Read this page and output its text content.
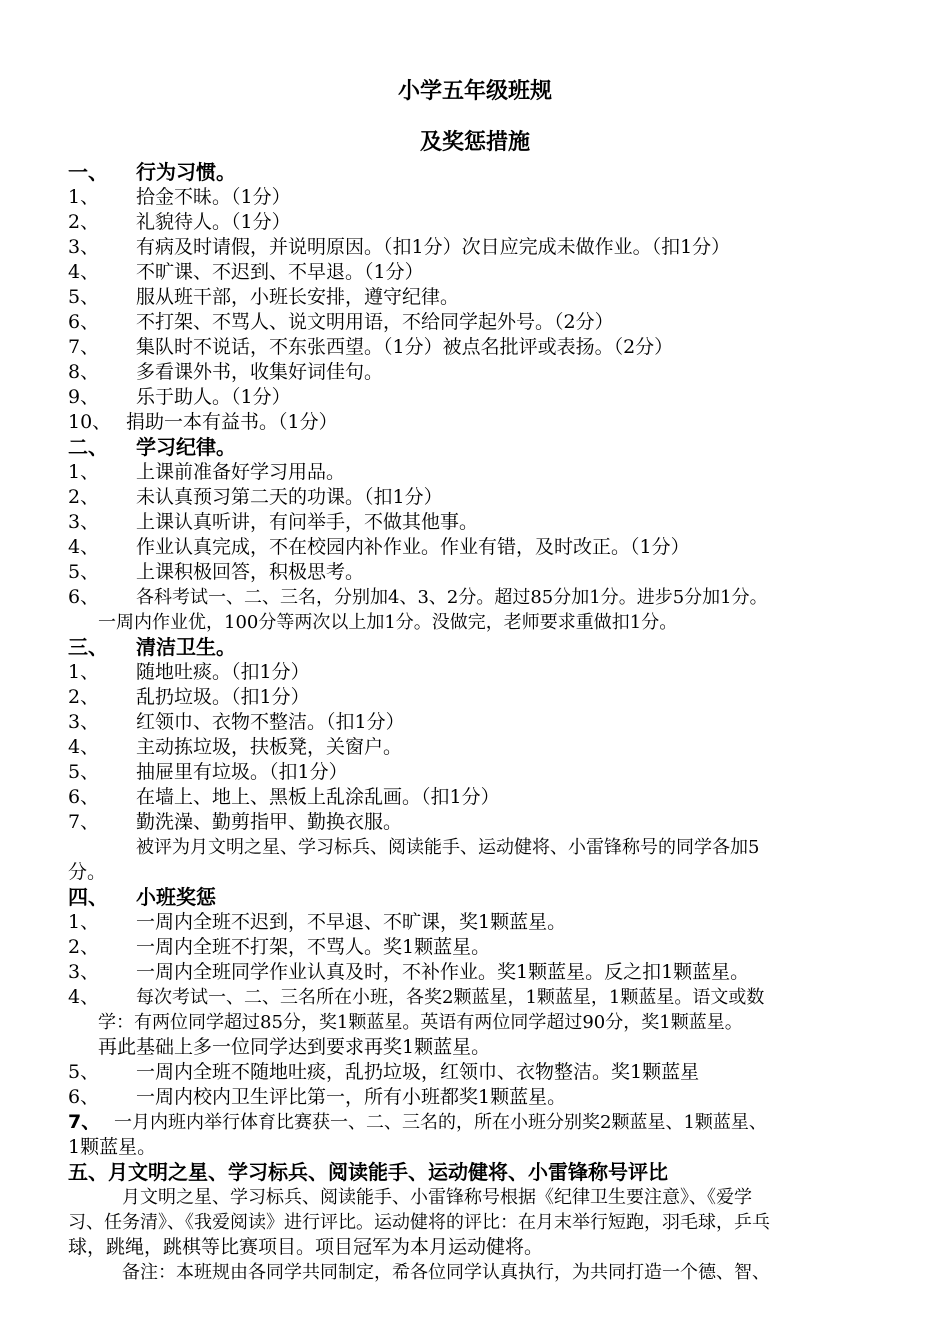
小学五年级班规
及奖惩措施
一、 行为习惯。
1、 拾金不昧。（1分）
2、 礼貌待人。（1分）
3、 有病及时请假，并说明原因。（扣1分）次日应完成未做作业。（扣1分）
4、 不旷课、不迟到、不早退。（1分）
5、 服从班干部，小班长安排，遵守纪律。
6、 不打架、不骂人、说文明用语，不给同学起外号。（2分）
7、 集队时不说话，不东张西望。（1分）被点名批评或表扬。（2分）
8、 多看课外书，收集好词佳句。
9、 乐于助人。（1分）
10、 捐助一本有益书。（1分）
二、 学习纪律。
1、 上课前准备好学习用品。
2、 未认真预习第二天的功课。（扣1分）
3、 上课认真听讲，有问举手，不做其他事。
4、 作业认真完成，不在校园内补作业。作业有错，及时改正。（1分）
5、 上课积极回答，积极思考。
6、 各科考试一、二、三名，分别加4、3、2分。超过85分加1分。进步5分加1分。
一周内作业优，100分等两次以上加1分。没做完，老师要求重做扣1分。
三、 清洁卫生。
1、 随地吐痰。（扣1分）
2、 乱扔垃圾。（扣1分）
3、 红领巾、衣物不整洁。（扣1分）
4、 主动拣垃圾，扶板凳，关窗户。
5、 抽屉里有垃圾。（扣1分）
6、 在墙上、地上、黑板上乱涂乱画。（扣1分）
7、 勤洗澡、勤剪指甲、勤换衣服。
被评为月文明之星、学习标兵、阅读能手、运动健将、小雷锋称号的同学各加5
分。
四、 小班奖惩
1、 一周内全班不迟到，不早退、不旷课，奖1颗蓝星。
2、 一周内全班不打架，不骂人。奖1颗蓝星。
3、 一周内全班同学作业认真及时，不补作业。奖1颗蓝星。反之扣1颗蓝星。
4、 每次考试一、二、三名所在小班，各奖2颗蓝星，1颗蓝星，1颗蓝星。语文或数
学：有两位同学超过85分，奖1颗蓝星。英语有两位同学超过90分，奖1颗蓝星。
再此基础上多一位同学达到要求再奖1颗蓝星。
5、 一周内全班不随地吐痰，乱扔垃圾，红领巾、衣物整洁。奖1颗蓝星
6、 一周内校内卫生评比第一，所有小班都奖1颗蓝星。
7、 一月内班内举行体育比赛获一、二、三名的，所在小班分别奖2颗蓝星、1颗蓝星、
1颗蓝星。
五、月文明之星、学习标兵、阅读能手、运动健将、小雷锋称号评比
月文明之星、学习标兵、阅读能手、小雷锋称号根据《纪律卫生要注意》、《爱学
习、任务清》、《我爱阅读》进行评比。运动健将的评比：在月末举行短跑，羽毛球，乒乓
球，跳绳，跳棋等比赛项目。项目冠军为本月运动健将。
备注：本班规由各同学共同制定，希各位同学认真执行，为共同打造一个德、智、
